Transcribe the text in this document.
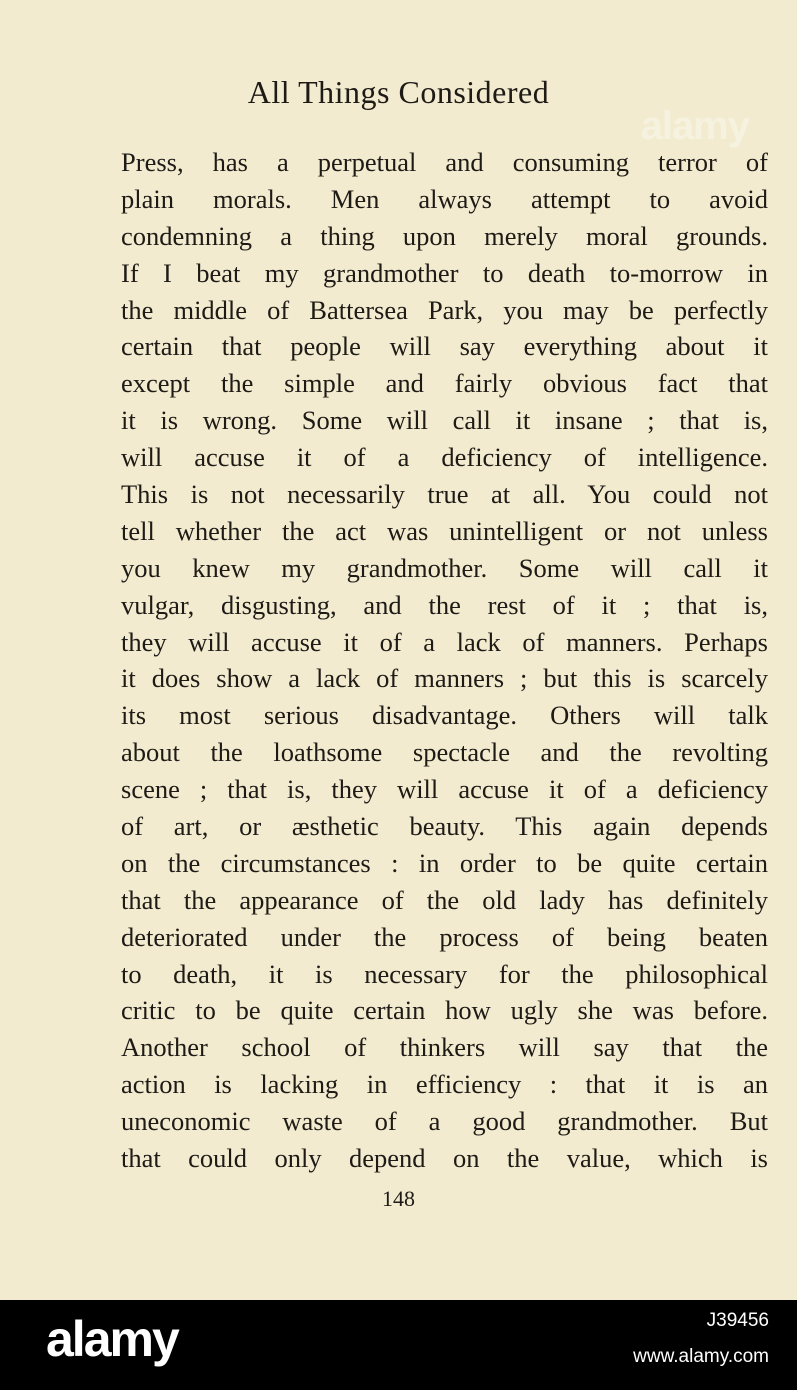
All Things Considered
Press, has a perpetual and consuming terror of
plain morals. Men always attempt to avoid
condemning a thing upon merely moral grounds.
If I beat my grandmother to death to-morrow in
the middle of Battersea Park, you may be perfectly
certain that people will say everything about it
except the simple and fairly obvious fact that
it is wrong. Some will call it insane ; that is,
will accuse it of a deficiency of intelligence.
This is not necessarily true at all. You could not
tell whether the act was unintelligent or not unless
you knew my grandmother. Some will call it
vulgar, disgusting, and the rest of it ; that is,
they will accuse it of a lack of manners. Perhaps
it does show a lack of manners ; but this is scarcely
its most serious disadvantage. Others will talk
about the loathsome spectacle and the revolting
scene ; that is, they will accuse it of a deficiency
of art, or æsthetic beauty. This again depends
on the circumstances : in order to be quite certain
that the appearance of the old lady has definitely
deteriorated under the process of being beaten
to death, it is necessary for the philosophical
critic to be quite certain how ugly she was before.
Another school of thinkers will say that the
action is lacking in efficiency : that it is an
uneconomic waste of a good grandmother. But
that could only depend on the value, which is
148
alamy
alamy	J39456
www.alamy.com
